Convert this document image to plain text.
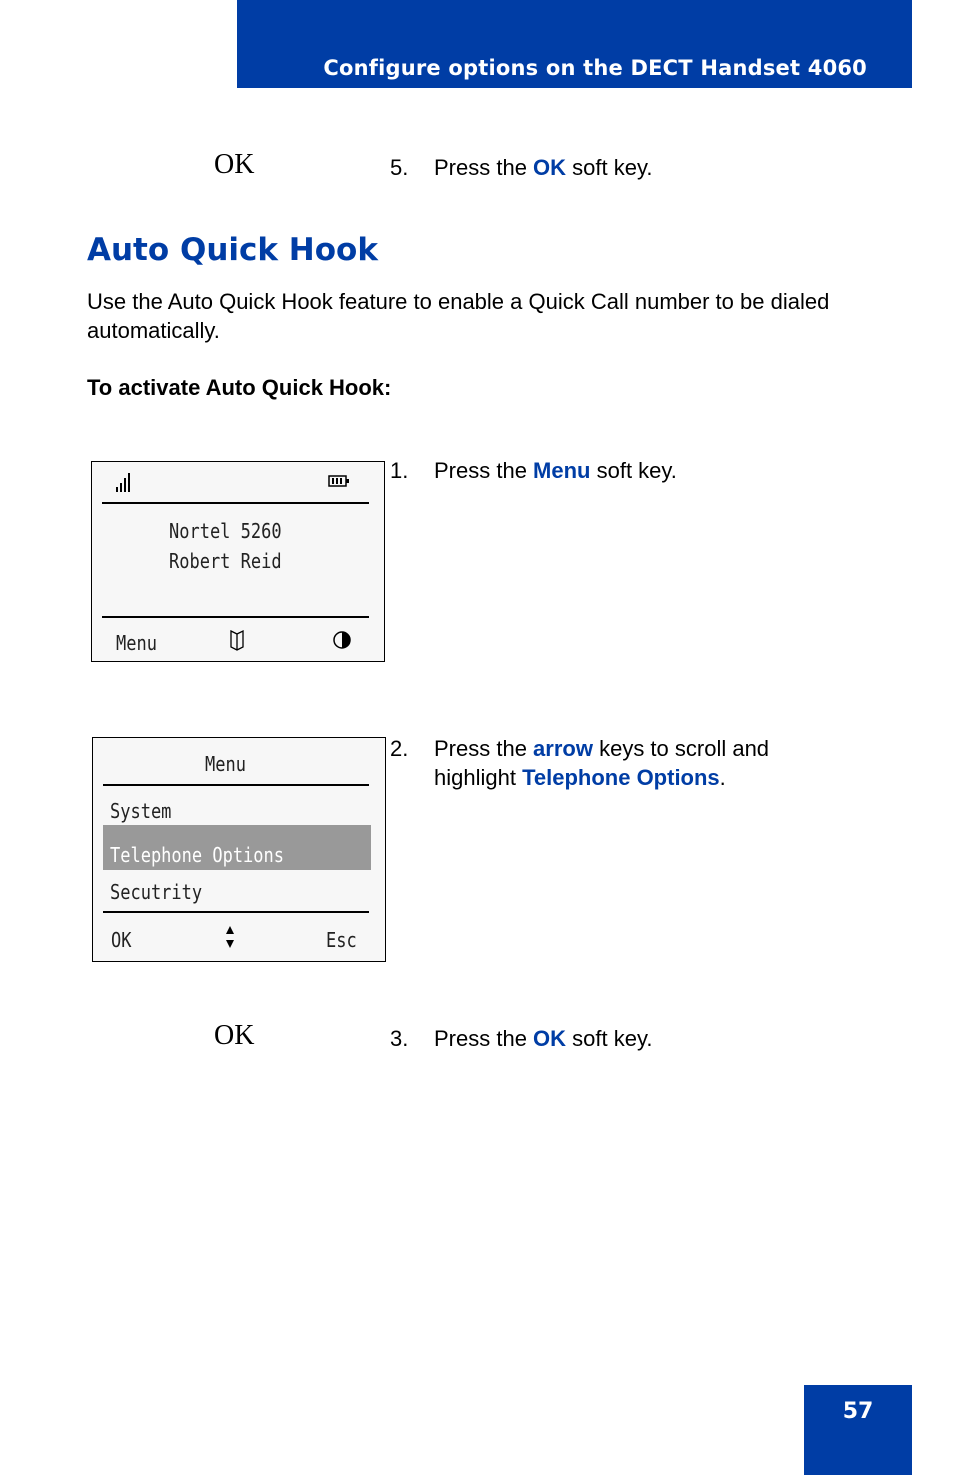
Configure options on the DECT Handset 4060
OK	5. Press the OK soft key.
Auto Quick Hook

Use the Auto Quick Hook feature to enable a Quick Call number to be dialed automatically.

To activate Auto Quick Hook:

Nortel 5260
Robert Reid
Menu
1. Press the Menu soft key.
Menu
System
Telephone Options
Secutrity
OK	Esc
2. Press the arrow keys to scroll and highlight Telephone Options.
OK	3. Press the OK soft key.
57
